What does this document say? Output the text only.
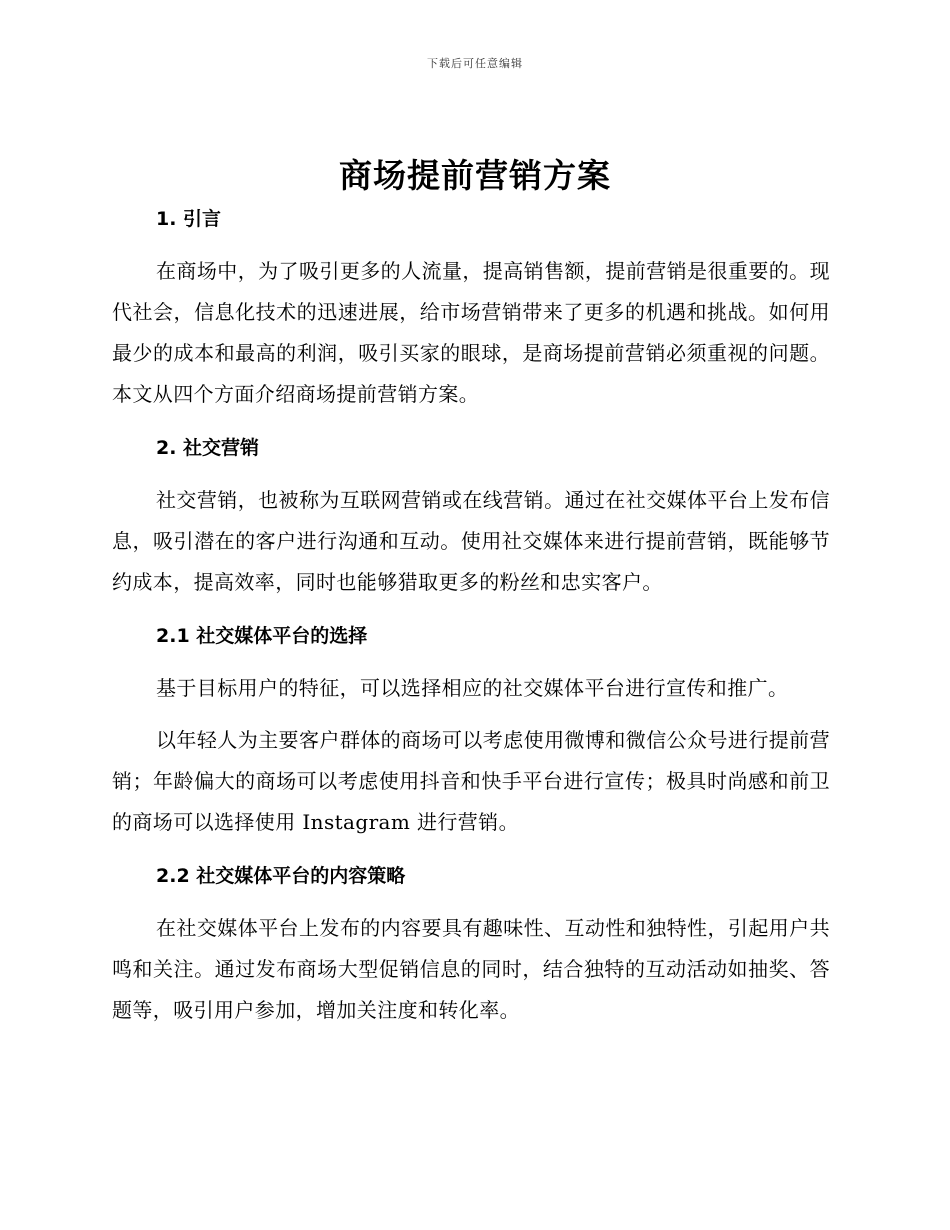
下载后可任意编辑
商场提前营销方案
1. 引言

在商场中，为了吸引更多的人流量，提高销售额，提前营销是很重要的。现代社会，信息化技术的迅速进展，给市场营销带来了更多的机遇和挑战。如何用最少的成本和最高的利润，吸引买家的眼球，是商场提前营销必须重视的问题。 本文从四个方面介绍商场提前营销方案。

2. 社交营销

社交营销，也被称为互联网营销或在线营销。通过在社交媒体平台上发布信息，吸引潜在的客户进行沟通和互动。使用社交媒体来进行提前营销，既能够节约成本，提高效率，同时也能够猎取更多的粉丝和忠实客户。

2.1 社交媒体平台的选择

基于目标用户的特征，可以选择相应的社交媒体平台进行宣传和推广。

以年轻人为主要客户群体的商场可以考虑使用微博和微信公众号进行提前营销；年龄偏大的商场可以考虑使用抖音和快手平台进行宣传；极具时尚感和前卫的商场可以选择使用 Instagram 进行营销。

2.2 社交媒体平台的内容策略

在社交媒体平台上发布的内容要具有趣味性、互动性和独特性，引起用户共鸣和关注。通过发布商场大型促销信息的同时，结合独特的互动活动如抽奖、答题等，吸引用户参加，增加关注度和转化率。
